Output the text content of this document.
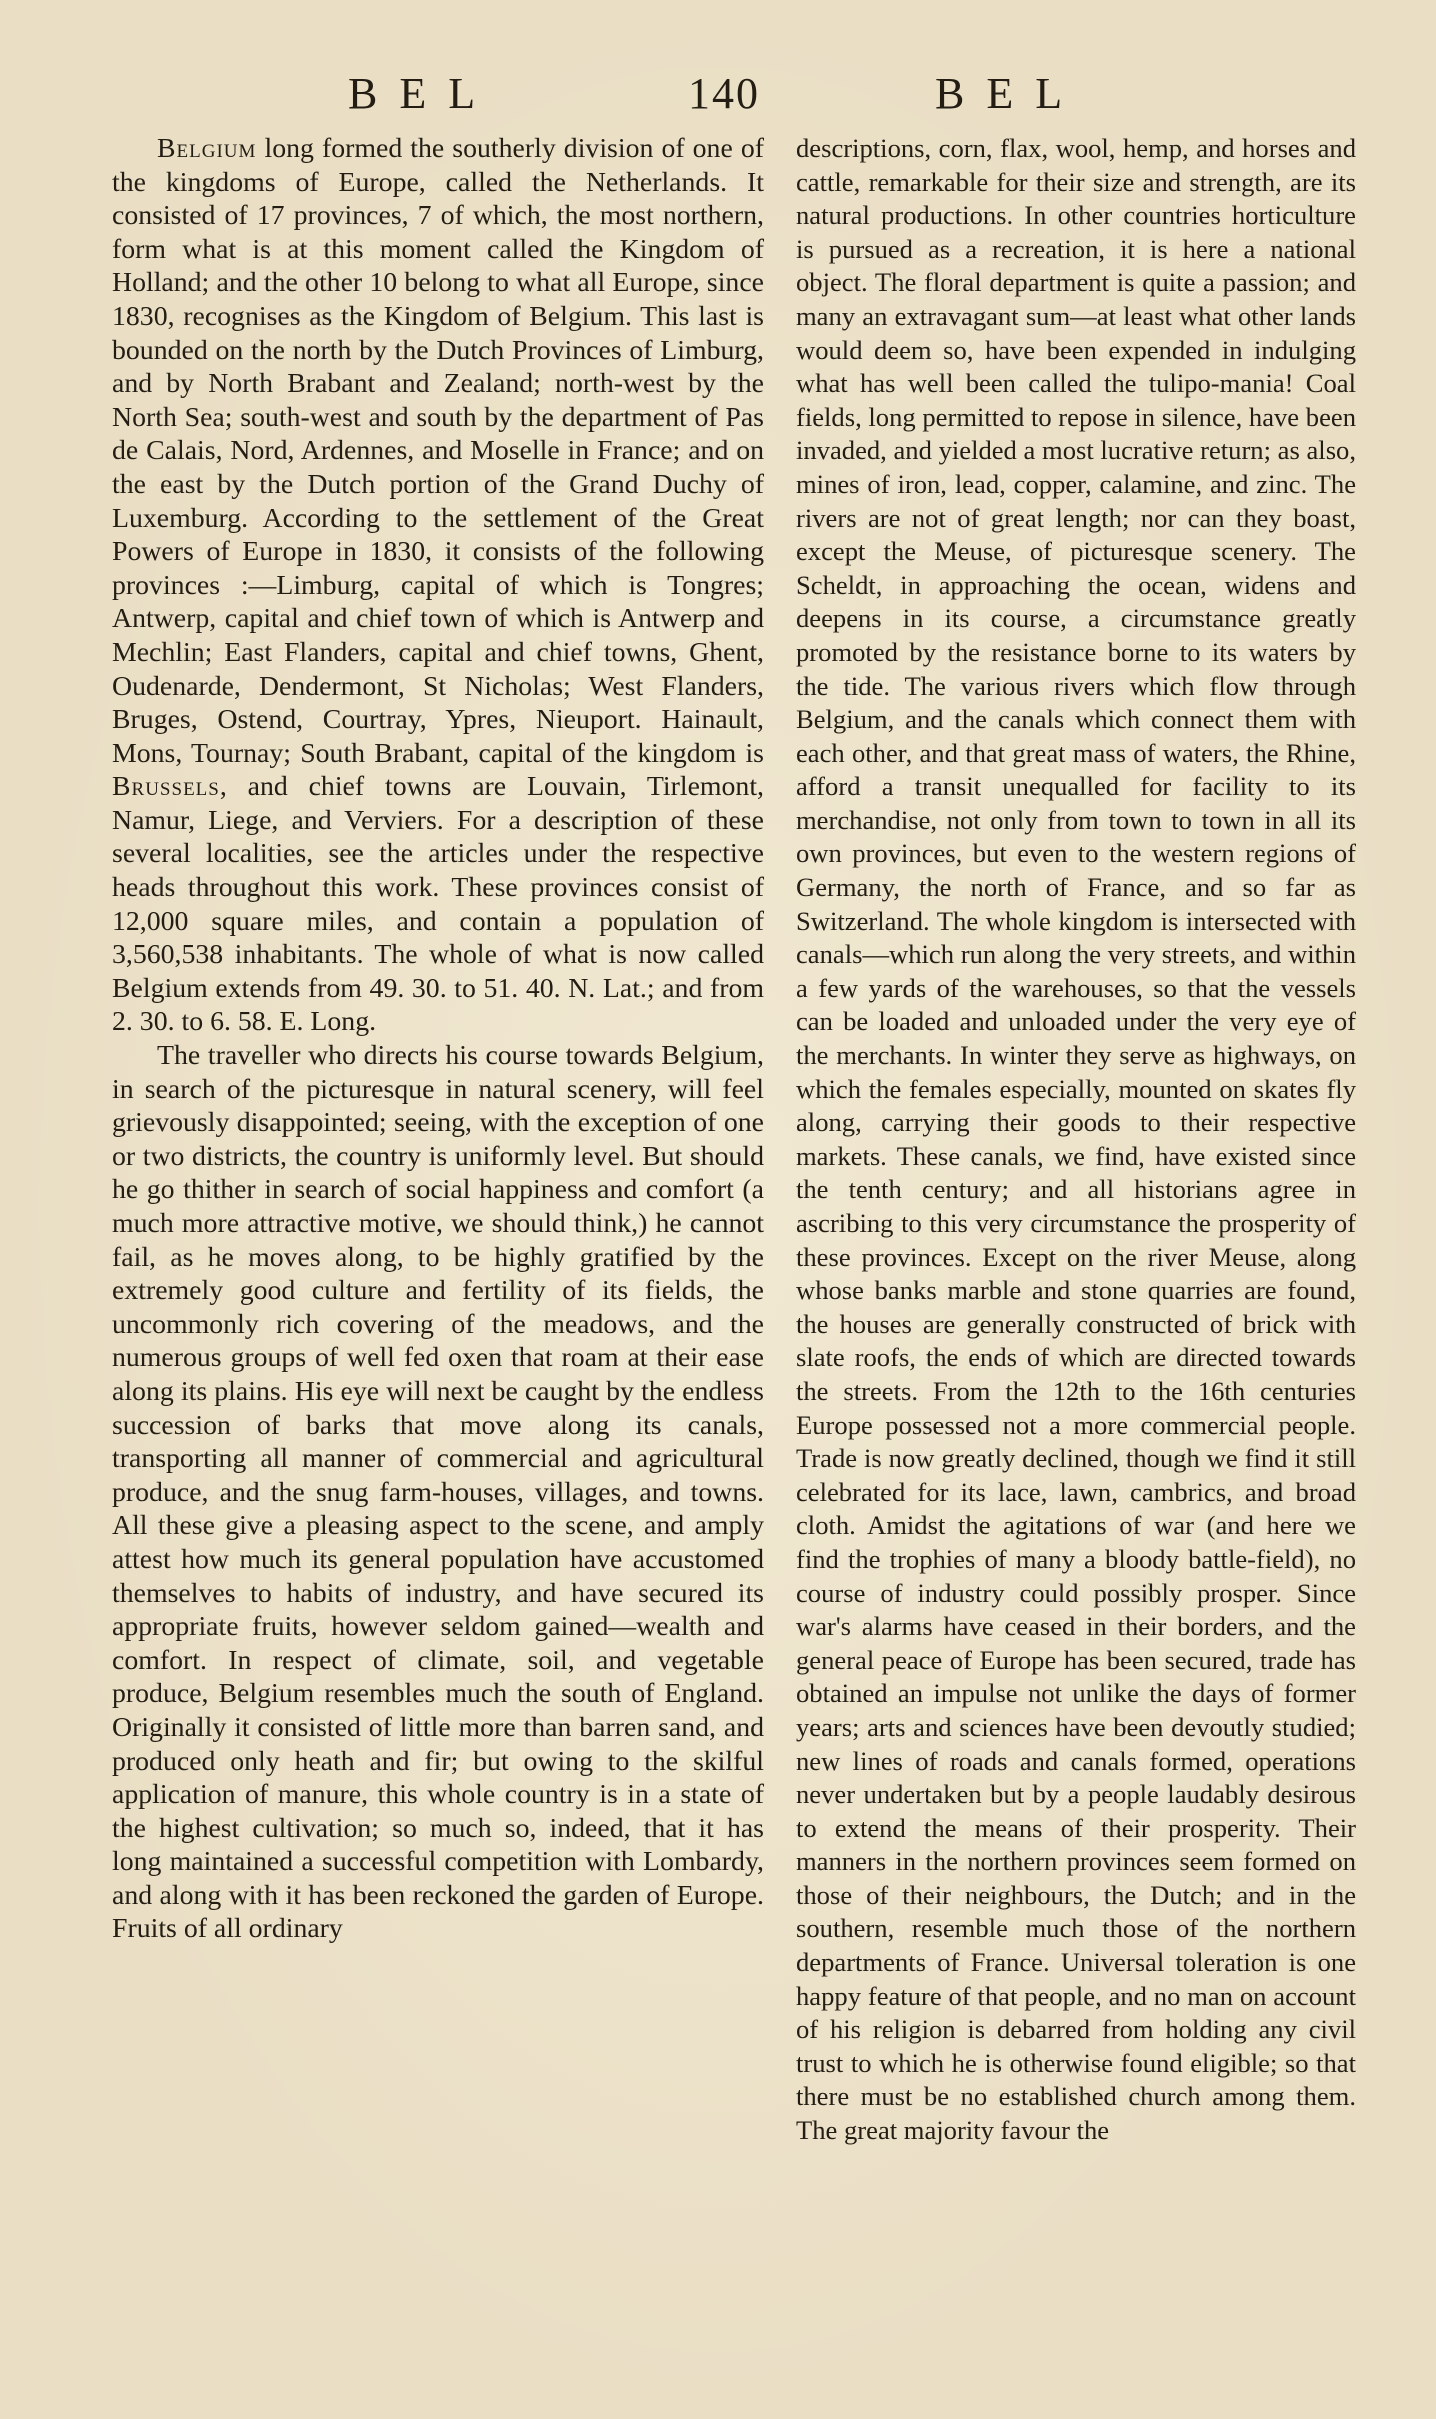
BEL	140	BEL

Belgium long formed the southerly division of one of the kingdoms of Europe, called the Netherlands. It consisted of 17 provinces, 7 of which, the most northern, form what is at this moment called the Kingdom of Holland; and the other 10 belong to what all Europe, since 1830, recognises as the Kingdom of Belgium. This last is bounded on the north by the Dutch Provinces of Limburg, and by North Brabant and Zealand; north-west by the North Sea; south-west and south by the department of Pas de Calais, Nord, Ardennes, and Moselle in France; and on the east by the Dutch portion of the Grand Duchy of Luxemburg. According to the settlement of the Great Powers of Europe in 1830, it consists of the following provinces :—Limburg, capital of which is Tongres; Antwerp, capital and chief town of which is Antwerp and Mechlin; East Flanders, capital and chief towns, Ghent, Oudenarde, Dendermont, St Nicholas; West Flanders, Bruges, Ostend, Courtray, Ypres, Nieuport. Hainault, Mons, Tournay; South Brabant, capital of the kingdom is Brussels, and chief towns are Louvain, Tirlemont, Namur, Liege, and Verviers. For a description of these several localities, see the articles under the respective heads throughout this work. These provinces consist of 12,000 square miles, and contain a population of 3,560,538 inhabitants. The whole of what is now called Belgium extends from 49. 30. to 51. 40. N. Lat.; and from 2. 30. to 6. 58. E. Long.

The traveller who directs his course towards Belgium, in search of the picturesque in natural scenery, will feel grievously disappointed; seeing, with the exception of one or two districts, the country is uniformly level. But should he go thither in search of social happiness and comfort (a much more attractive motive, we should think,) he cannot fail, as he moves along, to be highly gratified by the extremely good culture and fertility of its fields, the uncommonly rich covering of the meadows, and the numerous groups of well fed oxen that roam at their ease along its plains. His eye will next be caught by the endless succession of barks that move along its canals, transporting all manner of commercial and agricultural produce, and the snug farm-houses, villages, and towns. All these give a pleasing aspect to the scene, and amply attest how much its general population have accustomed themselves to habits of industry, and have secured its appropriate fruits, however seldom gained—wealth and comfort. In respect of climate, soil, and vegetable produce, Belgium resembles much the south of England. Originally it consisted of little more than barren sand, and produced only heath and fir; but owing to the skilful application of manure, this whole country is in a state of the highest cultivation; so much so, indeed, that it has long maintained a successful competition with Lombardy, and along with it has been reckoned the garden of Europe. Fruits of all ordinary

descriptions, corn, flax, wool, hemp, and horses and cattle, remarkable for their size and strength, are its natural productions. In other countries horticulture is pursued as a recreation, it is here a national object. The floral department is quite a passion; and many an extravagant sum—at least what other lands would deem so, have been expended in indulging what has well been called the tulipo-mania! Coal fields, long permitted to repose in silence, have been invaded, and yielded a most lucrative return; as also, mines of iron, lead, copper, calamine, and zinc. The rivers are not of great length; nor can they boast, except the Meuse, of picturesque scenery. The Scheldt, in approaching the ocean, widens and deepens in its course, a circumstance greatly promoted by the resistance borne to its waters by the tide. The various rivers which flow through Belgium, and the canals which connect them with each other, and that great mass of waters, the Rhine, afford a transit unequalled for facility to its merchandise, not only from town to town in all its own provinces, but even to the western regions of Germany, the north of France, and so far as Switzerland. The whole kingdom is intersected with canals—which run along the very streets, and within a few yards of the warehouses, so that the vessels can be loaded and unloaded under the very eye of the merchants. In winter they serve as highways, on which the females especially, mounted on skates fly along, carrying their goods to their respective markets. These canals, we find, have existed since the tenth century; and all historians agree in ascribing to this very circumstance the prosperity of these provinces. Except on the river Meuse, along whose banks marble and stone quarries are found, the houses are generally constructed of brick with slate roofs, the ends of which are directed towards the streets. From the 12th to the 16th centuries Europe possessed not a more commercial people. Trade is now greatly declined, though we find it still celebrated for its lace, lawn, cambrics, and broad cloth. Amidst the agitations of war (and here we find the trophies of many a bloody battle-field), no course of industry could possibly prosper. Since war's alarms have ceased in their borders, and the general peace of Europe has been secured, trade has obtained an impulse not unlike the days of former years; arts and sciences have been devoutly studied; new lines of roads and canals formed, operations never undertaken but by a people laudably desirous to extend the means of their prosperity. Their manners in the northern provinces seem formed on those of their neighbours, the Dutch; and in the southern, resemble much those of the northern departments of France. Universal toleration is one happy feature of that people, and no man on account of his religion is debarred from holding any civil trust to which he is otherwise found eligible; so that there must be no established church among them. The great majority favour the
